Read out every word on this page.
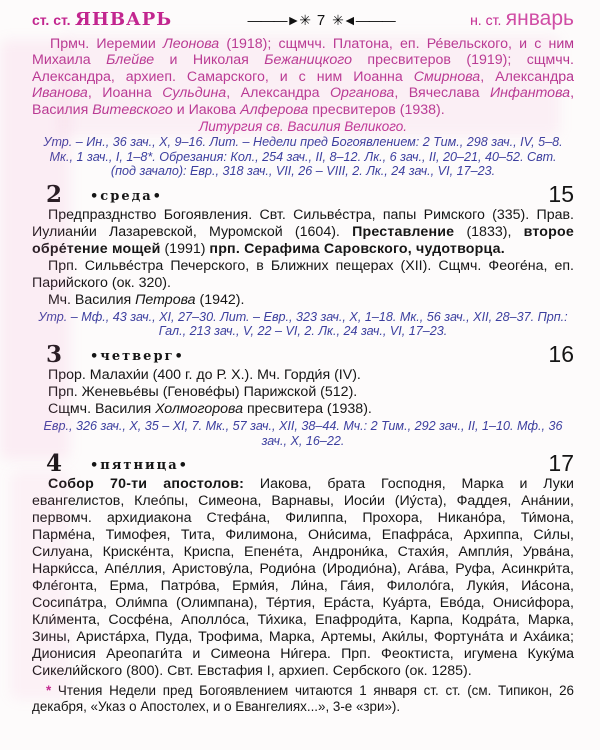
ст. ст. ЯНВАРЬ	———►✳ 7 ✳◄———	н. ст. январь

Прмч. Иеремии Леонова (1918); сщмчч. Платона, еп. Ре́вельского, и с ним Михаила Блейве и Николая Бежаницкого пресвитеров (1919); сщмчч. Александра, архиеп. Самарского, и с ним Иоанна Смирнова, Александра Иванова, Иоанна Сульдина, Александра Органова, Вячеслава Инфантова, Василия Витевского и Иакова Алферова пресвитеров (1938).

Литургия св. Василия Великого.
Утр. – Ин., 36 зач., X, 9–16. Лит. – Недели пред Богоявлением: 2 Тим., 298 зач., IV, 5–8. Мк., 1 зач., I, 1–8*. Обрезания: Кол., 254 зач., II, 8–12. Лк., 6 зач., II, 20–21, 40–52. Свт. (под зачало): Евр., 318 зач., VII, 26 – VIII, 2. Лк., 24 зач., VI, 17–23.
2	•среда•	15

Предпразднство Богоявления. Свт. Сильве́стра, папы Римского (335). Прав. Иулиани́и Лазаревской, Муромской (1604). Преставление (1833), второе обре́тение мощей (1991) прп. Серафима Саровского, чудотворца.

Прп. Сильве́стра Печерского, в Ближних пещерах (XII). Сщмч. Феоге́на, еп. Парийского (ок. 320).

Мч. Василия Петрова (1942).

Утр. – Мф., 43 зач., XI, 27–30. Лит. – Евр., 323 зач., X, 1–18. Мк., 56 зач., XII, 28–37. Прп.: Гал., 213 зач., V, 22 – VI, 2. Лк., 24 зач., VI, 17–23.
3	•четверг•	16

Прор. Малахи́и (400 г. до Р. Х.). Мч. Горди́я (IV).

Прп. Женевье́вы (Генове́фы) Парижской (512).

Сщмч. Василия Холмогорова пресвитера (1938).

Евр., 326 зач., X, 35 – XI, 7. Мк., 57 зач., XII, 38–44. Мч.: 2 Тим., 292 зач., II, 1–10. Мф., 36 зач., X, 16–22.
4	•пятница•	17

Собор 70-ти апостолов: Иакова, брата Господня, Марка и Луки евангелистов, Клео́пы, Симеона, Варнавы, Иоси́и (Иу́ста), Фаддея, Ана́нии, первомч. архидиакона Стефа́на, Филиппа, Прохора, Никано́ра, Ти́мона, Парме́на, Тимофея, Тита, Филимона, Они́сима, Епафра́са, Архиппа, Си́лы, Силуана, Криске́нта, Криспа, Епене́та, Андрони́ка, Стахи́я, Ампли́я, Урва́на, Нарки́сса, Апе́ллия, Аристову́ла, Родио́на (Иродио́на), Ага́ва, Руфа, Асинкри́та, Фле́гонта, Ерма, Патро́ва, Ерми́я, Ли́на, Га́ия, Филоло́га, Луки́я, Иа́сона, Сосипа́тра, Оли́мпа (Олимпана), Те́ртия, Ера́ста, Куа́рта, Ево́да, Ониси́фора, Кли́мента, Сосфе́на, Аполло́са, Ти́хика, Епафроди́та, Карпа, Кодра́та, Марка, Зины, Ариста́рха, Пуда, Трофима, Марка, Артемы, Аки́лы, Фортуна́та и Аха́ика; Дионисия Ареопаги́та и Симеона Ни́гера. Прп. Феоктиста, игумена Куку́ма Сикели́йского (800). Свт. Евстафия I, архиеп. Сербского (ок. 1285).

* Чтения Недели пред Богоявлением читаются 1 января ст. ст. (см. Типикон, 26 декабря, «Указ о Апостолех, и о Евангелиях...», 3-е «зри»).
